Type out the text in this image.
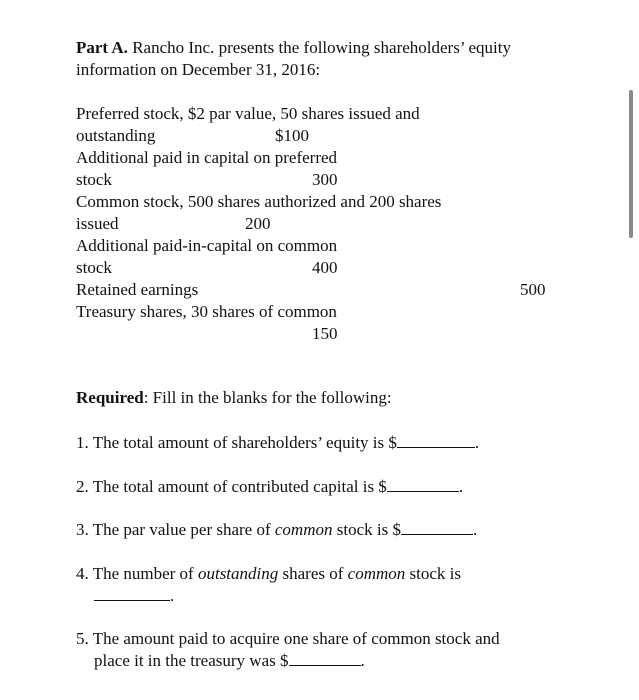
Part A. Rancho Inc. presents the following shareholders’ equity
information on December 31, 2016:
Preferred stock, $2 par value, 50 shares issued and
outstanding	$100
Additional paid in capital on preferred
stock	300
Common stock, 500 shares authorized and 200 shares
issued	200
Additional paid-in-capital on common
stock	400
Retained earnings	500
Treasury shares, 30 shares of common
150
Required: Fill in the blanks for the following:
1. The total amount of shareholders’ equity is $	.
2. The total amount of contributed capital is $	.
3. The par value per share of common stock is $	.
4. The number of outstanding shares of common stock is
.
5. The amount paid to acquire one share of common stock and
place it in the treasury was $	.
